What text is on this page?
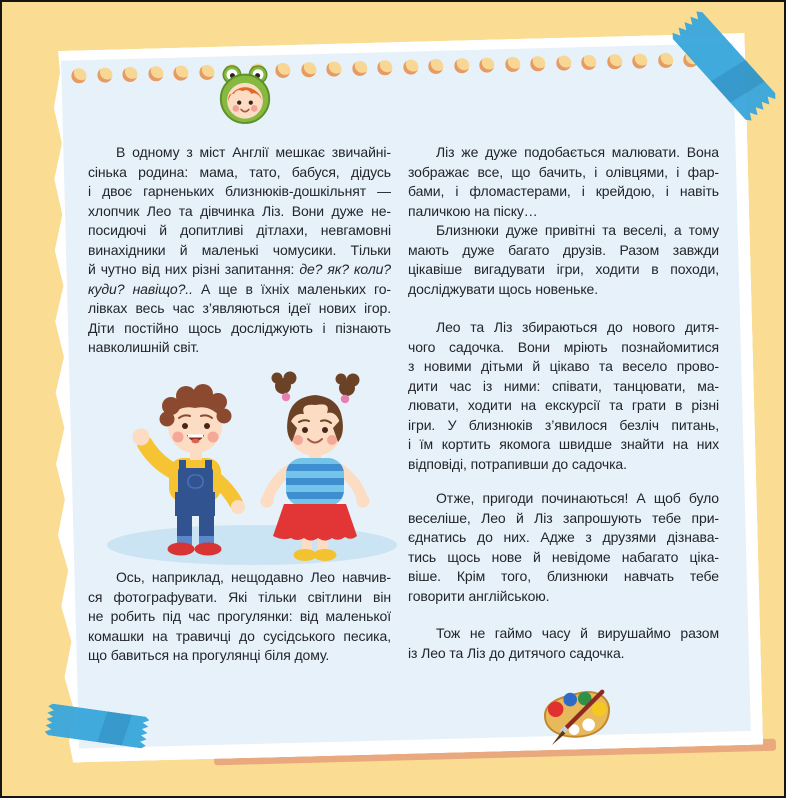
В одному з міст Англії мешкає звичайні-
сінька родина: мама, тато, бабуся, дідусь
і двоє гарненьких близнюків-дошкільнят —
хлопчик Лео та дівчинка Ліз. Вони дуже не-
посидючі й допитливі дітлахи, невгамовні
винахідники й маленькі чомусики. Тільки
й чутно від них різні запитання: де? як? коли?
куди? навіщо?.. А ще в їхніх маленьких го-
лівках весь час з’являються ідеї нових ігор.
Діти постійно щось досліджують і пізнають
навколишній світ.
Ось, наприклад, нещодавно Лео навчив-
ся фотографувати. Які тільки світлини він
не робить під час прогулянки: від маленької
комашки на травичці до сусідського песика,
що бавиться на прогулянці біля дому.
Ліз же дуже подобається малювати. Вона
зображає все, що бачить, і олівцями, і фар-
бами, і фломастерами, і крейдою, і навіть
паличкою на піску…
Близнюки дуже привітні та веселі, а тому
мають дуже багато друзів. Разом завжди
цікавіше вигадувати ігри, ходити в походи,
досліджувати щось новеньке.
Лео та Ліз збираються до нового дитя-
чого садочка. Вони мріють познайомитися
з новими дітьми й цікаво та весело прово-
дити час із ними: співати, танцювати, ма-
лювати, ходити на екскурсії та грати в різні
ігри. У близнюків з’явилося безліч питань,
і їм кортить якомога швидше знайти на них
відповіді, потрапивши до садочка.
Отже, пригоди починаються! А щоб було
веселіше, Лео й Ліз запрошують тебе при-
єднатись до них. Адже з друзями дізнава-
тись щось нове й невідоме набагато ціка-
віше. Крім того, близнюки навчать тебе
говорити англійською.
Тож не гаймо часу й вирушаймо разом
із Лео та Ліз до дитячого садочка.
